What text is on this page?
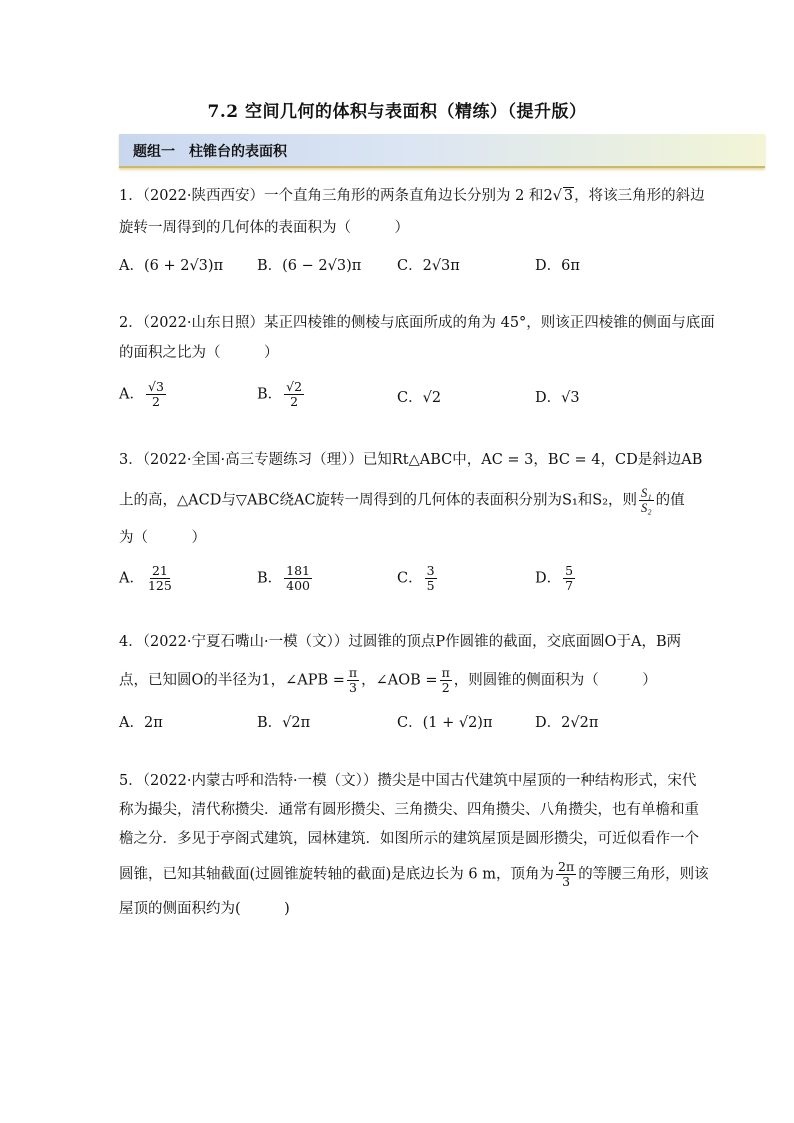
7.2 空间几何的体积与表面积（精练）（提升版）
题组一　柱锥台的表面积
1．（2022·陕西西安）一个直角三角形的两条直角边长分别为 2 和2√ 3，将该三角形的斜边
旋转一周得到的几何体的表面积为（　　　）
A．(6 + 2√3)π B．(6 − 2√3)π C．2√3π	D．6π
2．（2022·山东日照）某正四棱锥的侧棱与底面所成的角为 45°，则该正四棱锥的侧面与底面
的面积之比为（　　　）
A． $\frac{√3}{2}$	B． $\frac{√2}{2}$	C．√2	D．√3
3．（2022·全国·高三专题练习（理））已知Rt△ABC中，AC = 3，BC = 4，CD是斜边AB
上的高，△ACD与▽ABC绕AC旋转一周得到的几何体的表面积分别为S₁和S₂，则 $\frac{\text{S₁}}{\text{S₂}}$ 的值
为（　　　）
A． $\frac{21}{125}$	B． $\frac{181}{400}$	C． $\frac{3}{5}$	D． $\frac{5}{7}$
4．（2022·宁夏石嘴山·一模（文））过圆锥的顶点P作圆锥的截面，交底面圆O于A，B两
点，已知圆O的半径为1，∠APB = $\frac{\pi}{3}$ ，∠AOB = $\frac{\pi}{2}$ ，则圆锥的侧面积为（　　　）
A．2π	B．√2π	C．(1 + √2)π	D．2√2π
5．（2022·内蒙古呼和浩特·一模（文））攒尖是中国古代建筑中屋顶的一种结构形式，宋代
称为撮尖，清代称攒尖．通常有圆形攒尖、三角攒尖、四角攒尖、八角攒尖，也有单檐和重
檐之分．多见于亭阁式建筑，园林建筑．如图所示的建筑屋顶是圆形攒尖，可近似看作一个
圆锥，已知其轴截面(过圆锥旋转轴的截面)是底边长为 6 m，顶角为 $\frac{2\pi}{3}$ 的等腰三角形，则该
屋顶的侧面积约为(　　　)
